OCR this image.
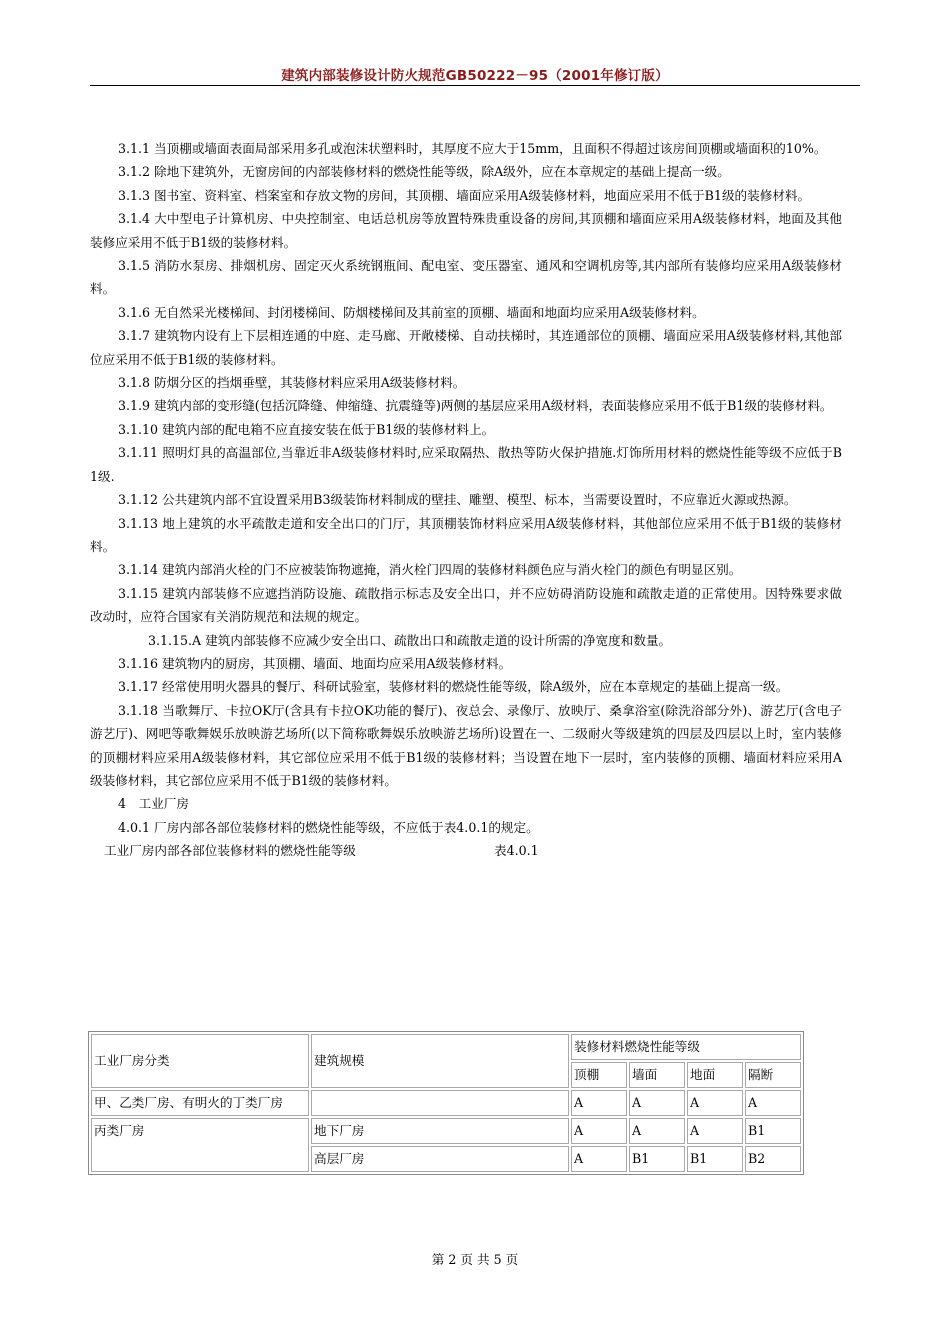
建筑内部装修设计防火规范GB50222－95（2001年修订版）

3.1.1 当顶棚或墙面表面局部采用多孔或泡沫状塑料时，其厚度不应大于15mm，且面积不得超过该房间顶棚或墙面积的10%。

3.1.2 除地下建筑外，无窗房间的内部装修材料的燃烧性能等级，除A级外，应在本章规定的基础上提高一级。

3.1.3 图书室、资料室、档案室和存放文物的房间，其顶棚、墙面应采用A级装修材料，地面应采用不低于B1级的装修材料。

3.1.4 大中型电子计算机房、中央控制室、电话总机房等放置特殊贵重设备的房间,其顶棚和墙面应采用A级装修材料，地面及其他装修应采用不低于B1级的装修材料。

3.1.5 消防水泵房、排烟机房、固定灭火系统钢瓶间、配电室、变压器室、通风和空调机房等,其内部所有装修均应采用A级装修材料。

3.1.6 无自然采光楼梯间、封闭楼梯间、防烟楼梯间及其前室的顶棚、墙面和地面均应采用A级装修材料。

3.1.7 建筑物内设有上下层相连通的中庭、走马廊、开敞楼梯、自动扶梯时，其连通部位的顶棚、墙面应采用A级装修材料,其他部位应采用不低于B1级的装修材料。

3.1.8 防烟分区的挡烟垂壁，其装修材料应采用A级装修材料。

3.1.9 建筑内部的变形缝(包括沉降缝、伸缩缝、抗震缝等)两侧的基层应采用A级材料，表面装修应采用不低于B1级的装修材料。

3.1.10 建筑内部的配电箱不应直接安装在低于B1级的装修材料上。

3.1.11 照明灯具的高温部位,当靠近非A级装修材料时,应采取隔热、散热等防火保护措施.灯饰所用材料的燃烧性能等级不应低于B1级.

3.1.12 公共建筑内部不宜设置采用B3级装饰材料制成的壁挂、雕塑、模型、标本，当需要设置时，不应靠近火源或热源。

3.1.13 地上建筑的水平疏散走道和安全出口的门厅，其顶棚装饰材料应采用A级装修材料，其他部位应采用不低于B1级的装修材料。

3.1.14 建筑内部消火栓的门不应被装饰物遮掩，消火栓门四周的装修材料颜色应与消火栓门的颜色有明显区别。

3.1.15 建筑内部装修不应遮挡消防设施、疏散指示标志及安全出口，并不应妨碍消防设施和疏散走道的正常使用。因特殊要求做改动时，应符合国家有关消防规范和法规的规定。

3.1.15.A 建筑内部装修不应减少安全出口、疏散出口和疏散走道的设计所需的净宽度和数量。

3.1.16 建筑物内的厨房，其顶棚、墙面、地面均应采用A级装修材料。

3.1.17 经常使用明火器具的餐厅、科研试验室，装修材料的燃烧性能等级，除A级外，应在本章规定的基础上提高一级。

3.1.18 当歌舞厅、卡拉OK厅(含具有卡拉OK功能的餐厅)、夜总会、录像厅、放映厅、桑拿浴室(除洗浴部分外)、游艺厅(含电子游艺厅)、网吧等歌舞娱乐放映游艺场所(以下简称歌舞娱乐放映游艺场所)设置在一、二级耐火等级建筑的四层及四层以上时，室内装修的顶棚材料应采用A级装修材料，其它部位应采用不低于B1级的装修材料；当设置在地下一层时，室内装修的顶棚、墙面材料应采用A级装修材料，其它部位应采用不低于B1级的装修材料。

4　工业厂房

4.0.1 厂房内部各部位装修材料的燃烧性能等级，不应低于表4.0.1的规定。

工业厂房内部各部位装修材料的燃烧性能等级	表4.0.1
工业厂房分类	建筑规模	装修材料燃烧性能等级			
		顶棚	墙面	地面	隔断
甲、乙类厂房、有明火的丁类厂房		A	A	A	A
丙类厂房	地下厂房	A	A	A	B1
	高层厂房	A	B1	B1	B2
第 2 页 共 5 页
